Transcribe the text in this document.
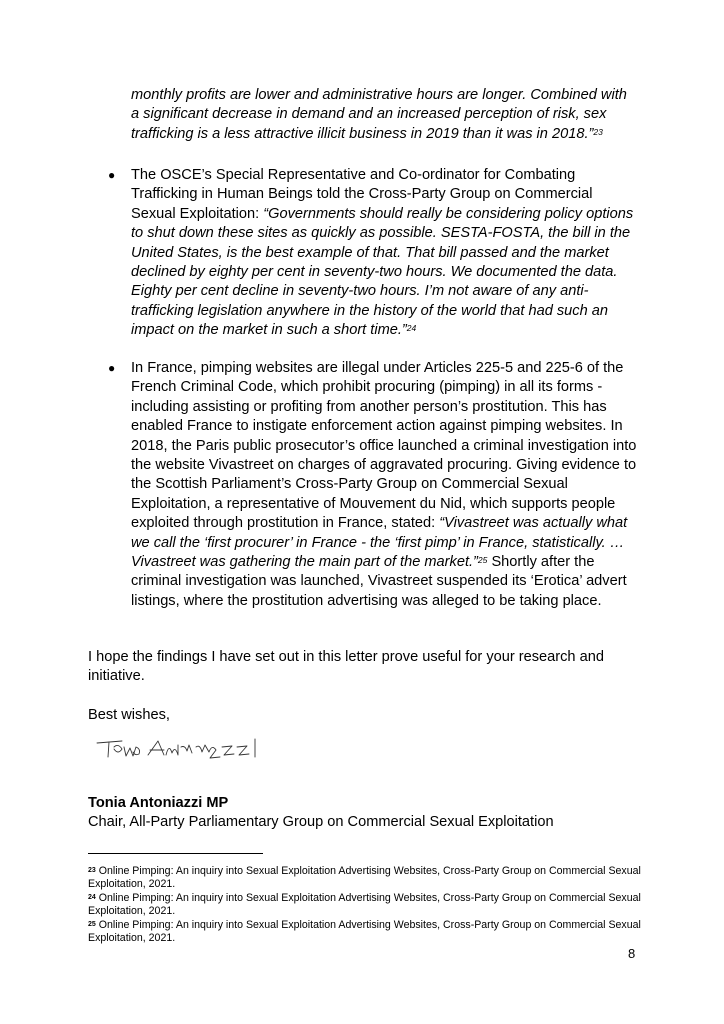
monthly profits are lower and administrative hours are longer. Combined with
a significant decrease in demand and an increased perception of risk, sex
trafficking is a less attractive illicit business in 2019 than it was in 2018.”$^{23}$
●	The OSCE’s Special Representative and Co-ordinator for Combating Trafficking in Human Beings told the Cross-Party Group on Commercial Sexual Exploitation: “Governments should really be considering policy options to shut down these sites as quickly as possible. SESTA-FOSTA, the bill in the United States, is the best example of that. That bill passed and the market declined by eighty per cent in seventy-two hours. We documented the data. Eighty per cent decline in seventy-two hours. I’m not aware of any anti-trafficking legislation anywhere in the history of the world that had such an impact on the market in such a short time.”$^{24}$
●	In France, pimping websites are illegal under Articles 225-5 and 225-6 of the French Criminal Code, which prohibit procuring (pimping) in all its forms - including assisting or profiting from another person’s prostitution. This has enabled France to instigate enforcement action against pimping websites. In 2018, the Paris public prosecutor’s office launched a criminal investigation into the website Vivastreet on charges of aggravated procuring. Giving evidence to the Scottish Parliament’s Cross-Party Group on Commercial Sexual Exploitation, a representative of Mouvement du Nid, which supports people exploited through prostitution in France, stated: “Vivastreet was actually what we call the ‘first procurer’ in France - the ‘first pimp’ in France, statistically. …Vivastreet was gathering the main part of the market.”$^{25}$ Shortly after the criminal investigation was launched, Vivastreet suspended its ‘Erotica’ advert listings, where the prostitution advertising was alleged to be taking place.
I hope the findings I have set out in this letter prove useful for your research and initiative.
Best wishes,
Tonia Antoniazzi MP
Chair, All-Party Parliamentary Group on Commercial Sexual Exploitation
$^{23}$ Online Pimping: An inquiry into Sexual Exploitation Advertising Websites, Cross-Party Group on Commercial Sexual Exploitation, 2021.
$^{24}$ Online Pimping: An inquiry into Sexual Exploitation Advertising Websites, Cross-Party Group on Commercial Sexual Exploitation, 2021.
$^{25}$ Online Pimping: An inquiry into Sexual Exploitation Advertising Websites, Cross-Party Group on Commercial Sexual Exploitation, 2021.
8
